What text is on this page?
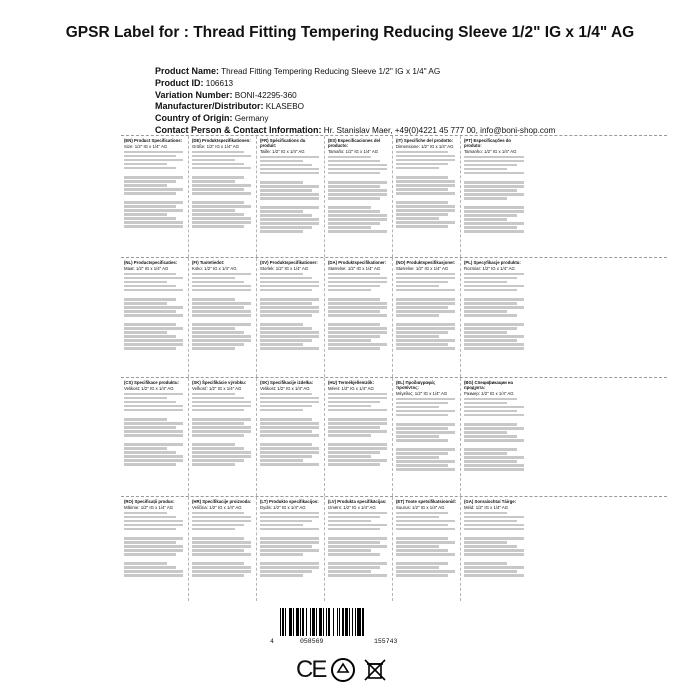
GPSR Label for : Thread Fitting Tempering Reducing Sleeve 1/2" IG x 1/4" AG
Product Name: Thread Fitting Tempering Reducing Sleeve 1/2" IG x 1/4" AG
Product ID: 106613
Variation Number: BONI-42295-360
Manufacturer/Distributor: KLASEBO
Country of Origin: Germany
Contact Person & Contact Information: Hr. Stanislav Maer, +49(0)4221 45 777 00, info@boni-shop.com
(EN) Product Specifications:
Size: 1/2" IG x 1/4" AG
(DE) Produktspezifikationen:
Größe: 1/2" IG x 1/4" AG
(FR) Spécifications du produit:
Taille: 1/2" IG x 1/4" AG
(ES) Especificaciones del producto:
Tamaño: 1/2" IG x 1/4" AG
(IT) Specifiche del prodotto:
Dimensione: 1/2" IG x 1/4" AG
(PT) Especificações do produto:
Tamanho: 1/2" IG x 1/4" AG
(NL) Productspecificaties:
Maat: 1/2" IG x 1/4" AG
(FI) Tuotetiedot:
Koko: 1/2" IG x 1/4" AG
(SV) Produktspecifikationer:
Storlek: 1/2" IG x 1/4" AG
(DA) Produktspecifikationer:
Størrelse: 1/2" IG x 1/4" AG
(NO) Produktspesifikasjoner:
Størrelse: 1/2" IG x 1/4" AG
(PL) Specyfikacje produktu:
Rozmiar: 1/2" IG x 1/4" AG
(CS) Specifikace produktu:
Velikost: 1/2" IG x 1/4" AG
(SK) Špecifikácie výrobku:
Veľkosť: 1/2" IG x 1/4" AG
(SK) Specifikacije izdelka:
Velikost: 1/2" IG x 1/4" AG
(HU) Termékjellemzők:
Méret: 1/2" IG x 1/4" AG
(EL) Προδιαγραφές προϊόντος:
Μέγεθος: 1/2" IG x 1/4" AG
(BG) Спецификации на продукта:
Размер: 1/2" IG x 1/4" AG
(RO) Specificații produs:
Mărime: 1/2" IG x 1/4" AG
(HR) Specifikacije proizvoda:
Veličina: 1/2" IG x 1/4" AG
(LT) Produkto specifikacijos:
Dydis: 1/2" IG x 1/4" AG
(LV) Produkta specifikācijas:
Izmērs: 1/2" IG x 1/4" AG
(ET) Toote spetsifikatsioonid:
Suurus: 1/2" IG x 1/4" AG
(GA) Sonraíochtaí Táirge:
Méid: 1/2" IG x 1/4" AG
4	058569	155743
CE
